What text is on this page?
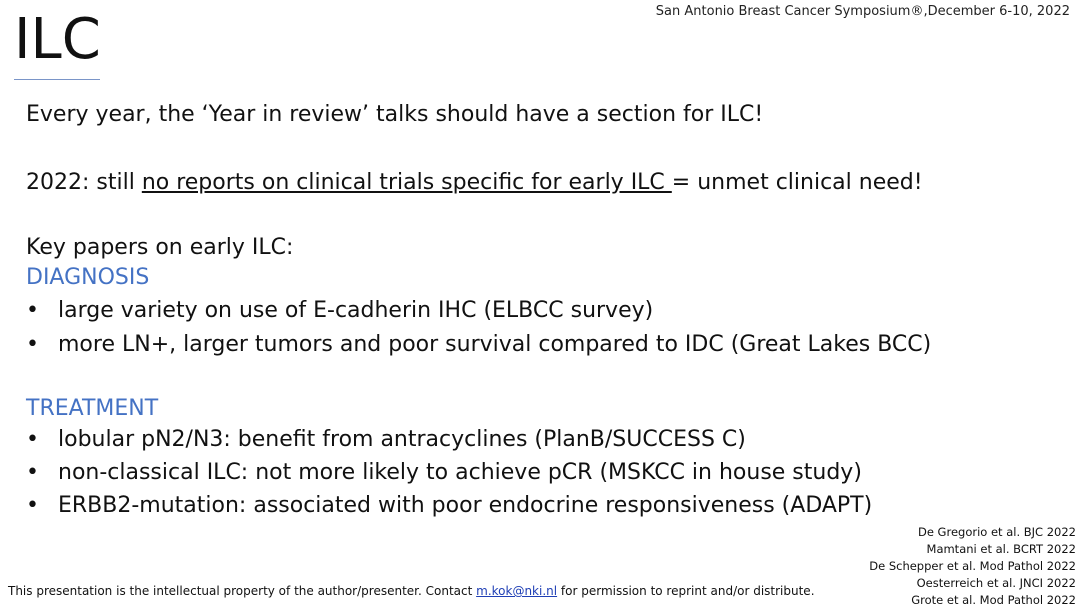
San Antonio Breast Cancer Symposium®,December 6-10, 2022
ILC
Every year, the ‘Year in review’ talks should have a section for ILC!
2022: still no reports on clinical trials specific for early ILC = unmet clinical need!
Key papers on early ILC:
DIAGNOSIS
• large variety on use of E-cadherin IHC (ELBCC survey)
• more LN+, larger tumors and poor survival compared to IDC (Great Lakes BCC)
TREATMENT
• lobular pN2/N3: benefit from antracyclines (PlanB/SUCCESS C)
• non-classical ILC: not more likely to achieve pCR (MSKCC in house study)
• ERBB2-mutation: associated with poor endocrine responsiveness (ADAPT)
De Gregorio et al. BJC 2022
Mamtani et al. BCRT 2022
De Schepper et al. Mod Pathol 2022
Oesterreich et al. JNCI 2022
Grote et al. Mod Pathol 2022
This presentation is the intellectual property of the author/presenter. Contact m.kok@nki.nl for permission to reprint and/or distribute.
